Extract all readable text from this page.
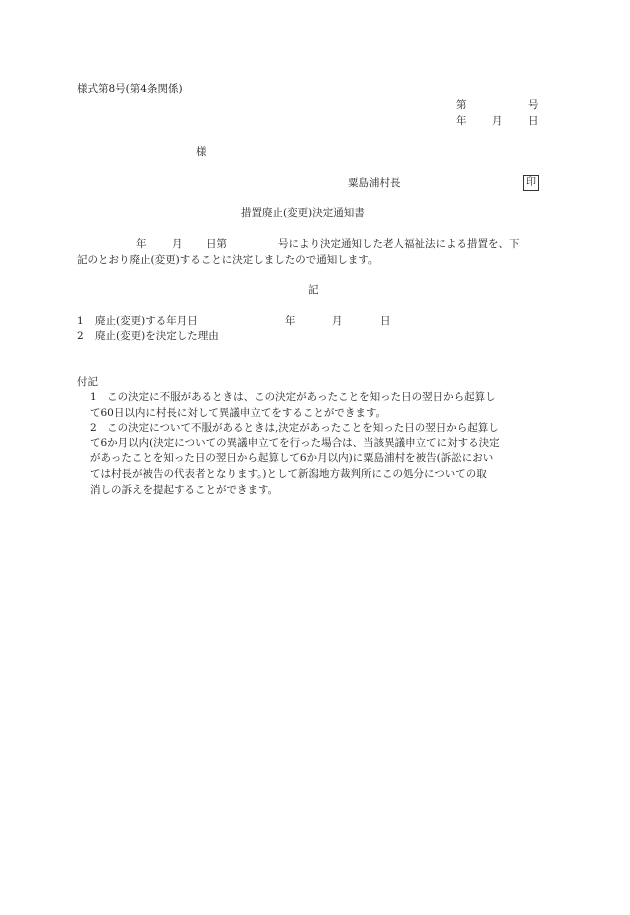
様式第8号(第4条関係)
第	号
年 月 日
様
粟島浦村長	印
措置廃止(変更)決定通知書
年 月 日第	号により決定通知した老人福祉法による措置を、下
記のとおり廃止(変更)することに決定しましたので通知します。
記
1 廃止(変更)する年月日	年	月	日
2 廃止(変更)を決定した理由
付記
1　この決定に不服があるときは、この決定があったことを知った日の翌日から起算し
て60日以内に村長に対して異議申立てをすることができます。
2　この決定について不服があるときは,決定があったことを知った日の翌日から起算し
て6か月以内(決定についての異議申立てを行った場合は、当該異議申立てに対する決定
があったことを知った日の翌日から起算して6か月以内)に粟島浦村を被告(訴訟におい
ては村長が被告の代表者となります。)として新潟地方裁判所にこの処分についての取
消しの訴えを提起することができます。
